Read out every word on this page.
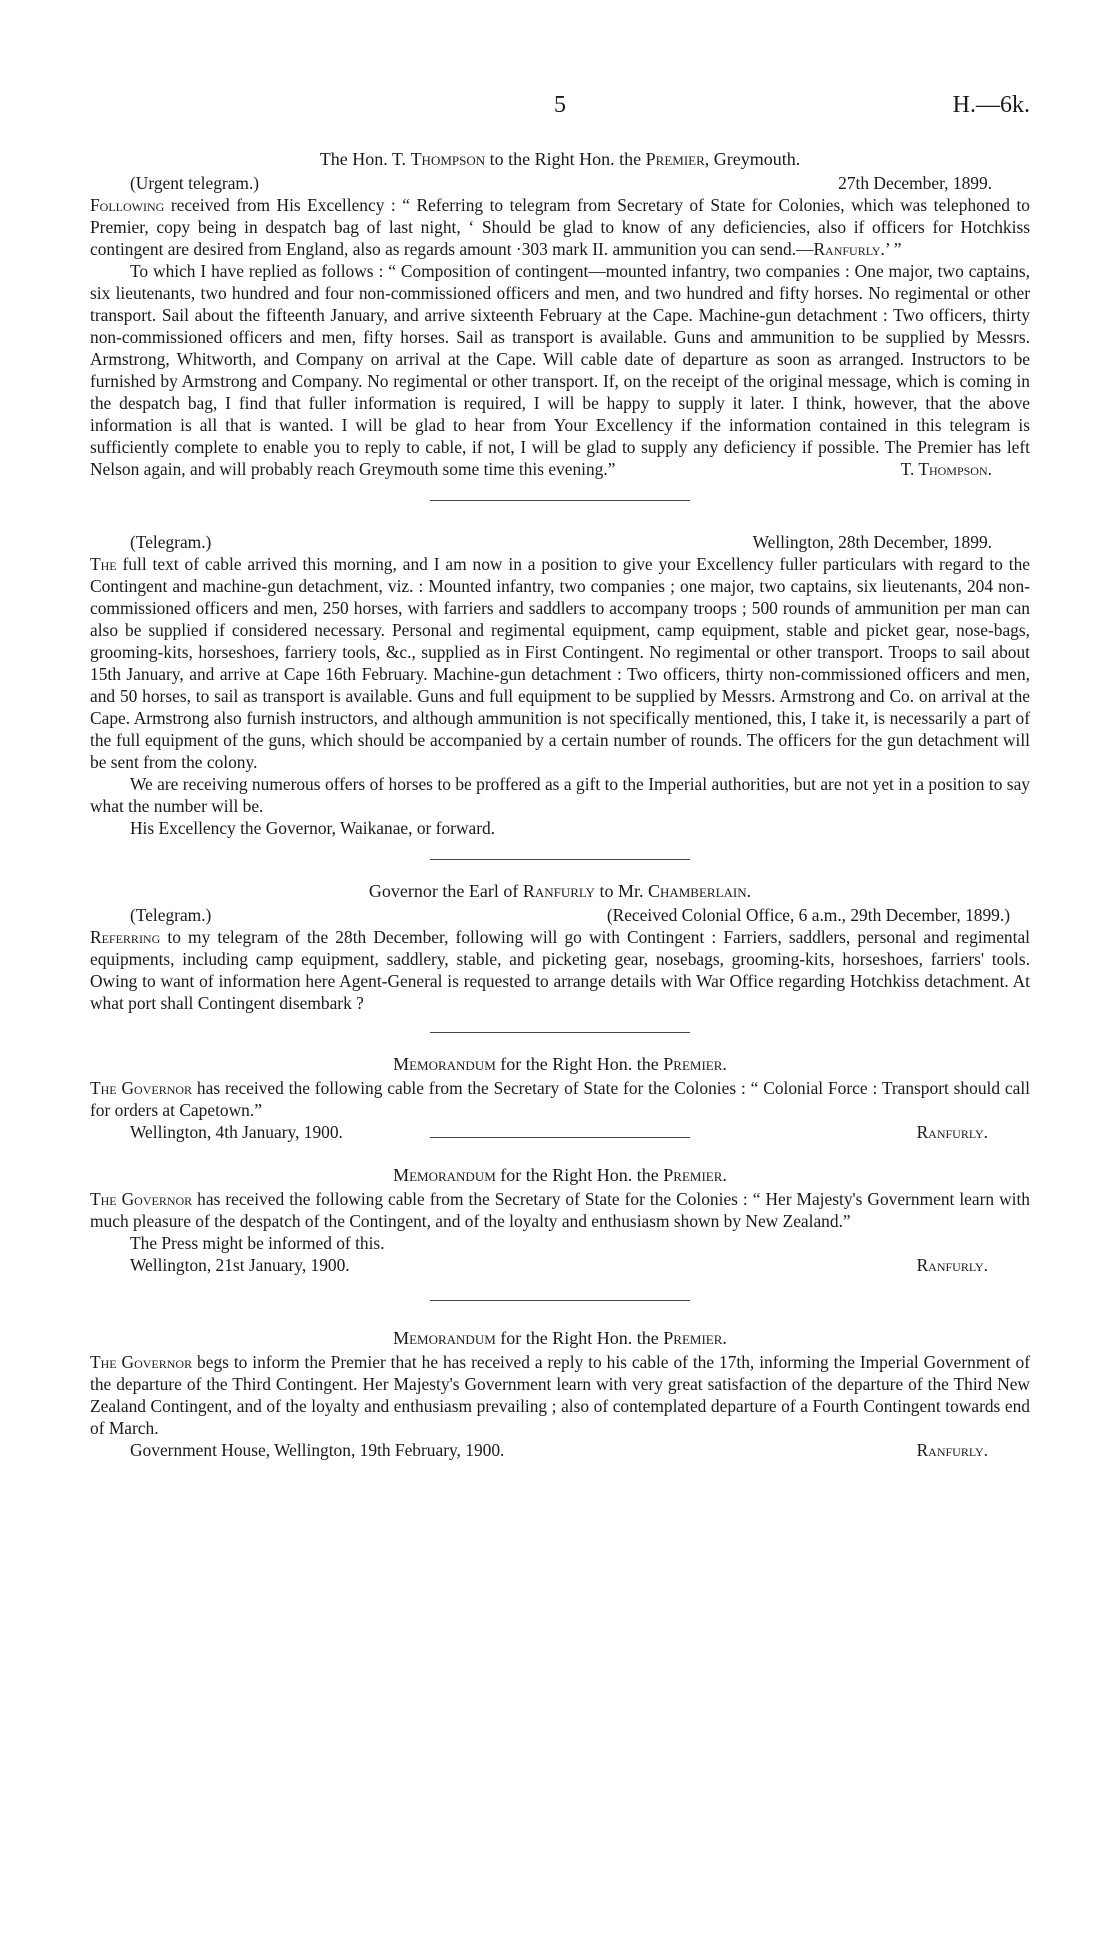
5	H.—6k.
The Hon. T. Thompson to the Right Hon. the Premier, Greymouth.
(Urgent telegram.)	27th December, 1899.

Following received from His Excellency : “ Referring to telegram from Secretary of State for Colonies, which was telephoned to Premier, copy being in despatch bag of last night, ‘ Should be glad to know of any deficiencies, also if officers for Hotchkiss contingent are desired from England, also as regards amount ·303 mark II. ammunition you can send.—Ranfurly.’ ”

To which I have replied as follows : “ Composition of contingent—mounted infantry, two companies : One major, two captains, six lieutenants, two hundred and four non-commissioned officers and men, and two hundred and fifty horses. No regimental or other transport. Sail about the fifteenth January, and arrive sixteenth February at the Cape. Machine-gun detachment : Two officers, thirty non-commissioned officers and men, fifty horses. Sail as transport is available. Guns and ammunition to be supplied by Messrs. Armstrong, Whitworth, and Company on arrival at the Cape. Will cable date of departure as soon as arranged. Instructors to be furnished by Armstrong and Company. No regimental or other transport. If, on the receipt of the original message, which is coming in the despatch bag, I find that fuller information is required, I will be happy to supply it later. I think, however, that the above information is all that is wanted. I will be glad to hear from Your Excellency if the information contained in this telegram is sufficiently complete to enable you to reply to cable, if not, I will be glad to supply any deficiency if possible. The Premier has left Nelson again, and will probably reach Greymouth some time this evening.”	T. Thompson.

(Telegram.)	Wellington, 28th December, 1899.

The full text of cable arrived this morning, and I am now in a position to give your Excellency fuller particulars with regard to the Contingent and machine-gun detachment, viz. : Mounted infantry, two companies ; one major, two captains, six lieutenants, 204 non-commissioned officers and men, 250 horses, with farriers and saddlers to accompany troops ; 500 rounds of ammunition per man can also be supplied if considered necessary. Personal and regimental equipment, camp equipment, stable and picket gear, nose-bags, grooming-kits, horseshoes, farriery tools, &c., supplied as in First Contingent. No regimental or other transport. Troops to sail about 15th January, and arrive at Cape 16th February. Machine-gun detachment : Two officers, thirty non-commissioned officers and men, and 50 horses, to sail as transport is available. Guns and full equipment to be supplied by Messrs. Armstrong and Co. on arrival at the Cape. Armstrong also furnish instructors, and although ammunition is not specifically mentioned, this, I take it, is necessarily a part of the full equipment of the guns, which should be accompanied by a certain number of rounds. The officers for the gun detachment will be sent from the colony.

We are receiving numerous offers of horses to be proffered as a gift to the Imperial authorities, but are not yet in a position to say what the number will be.

His Excellency the Governor, Waikanae, or forward.
Governor the Earl of Ranfurly to Mr. Chamberlain.
(Telegram.)	(Received Colonial Office, 6 a.m., 29th December, 1899.)

Referring to my telegram of the 28th December, following will go with Contingent : Farriers, saddlers, personal and regimental equipments, including camp equipment, saddlery, stable, and picketing gear, nosebags, grooming-kits, horseshoes, farriers' tools. Owing to want of information here Agent-General is requested to arrange details with War Office regarding Hotchkiss detachment. At what port shall Contingent disembark ?

Memorandum for the Right Hon. the Premier.

The Governor has received the following cable from the Secretary of State for the Colonies : “ Colonial Force : Transport should call for orders at Capetown.”

Wellington, 4th January, 1900.	Ranfurly.
Memorandum for the Right Hon. the Premier.

The Governor has received the following cable from the Secretary of State for the Colonies : “ Her Majesty's Government learn with much pleasure of the despatch of the Contingent, and of the loyalty and enthusiasm shown by New Zealand.”

The Press might be informed of this.
Wellington, 21st January, 1900.	Ranfurly.
Memorandum for the Right Hon. the Premier.

The Governor begs to inform the Premier that he has received a reply to his cable of the 17th, informing the Imperial Government of the departure of the Third Contingent. Her Majesty's Government learn with very great satisfaction of the departure of the Third New Zealand Contingent, and of the loyalty and enthusiasm prevailing ; also of contemplated departure of a Fourth Contingent towards end of March.

Government House, Wellington, 19th February, 1900.	Ranfurly.
